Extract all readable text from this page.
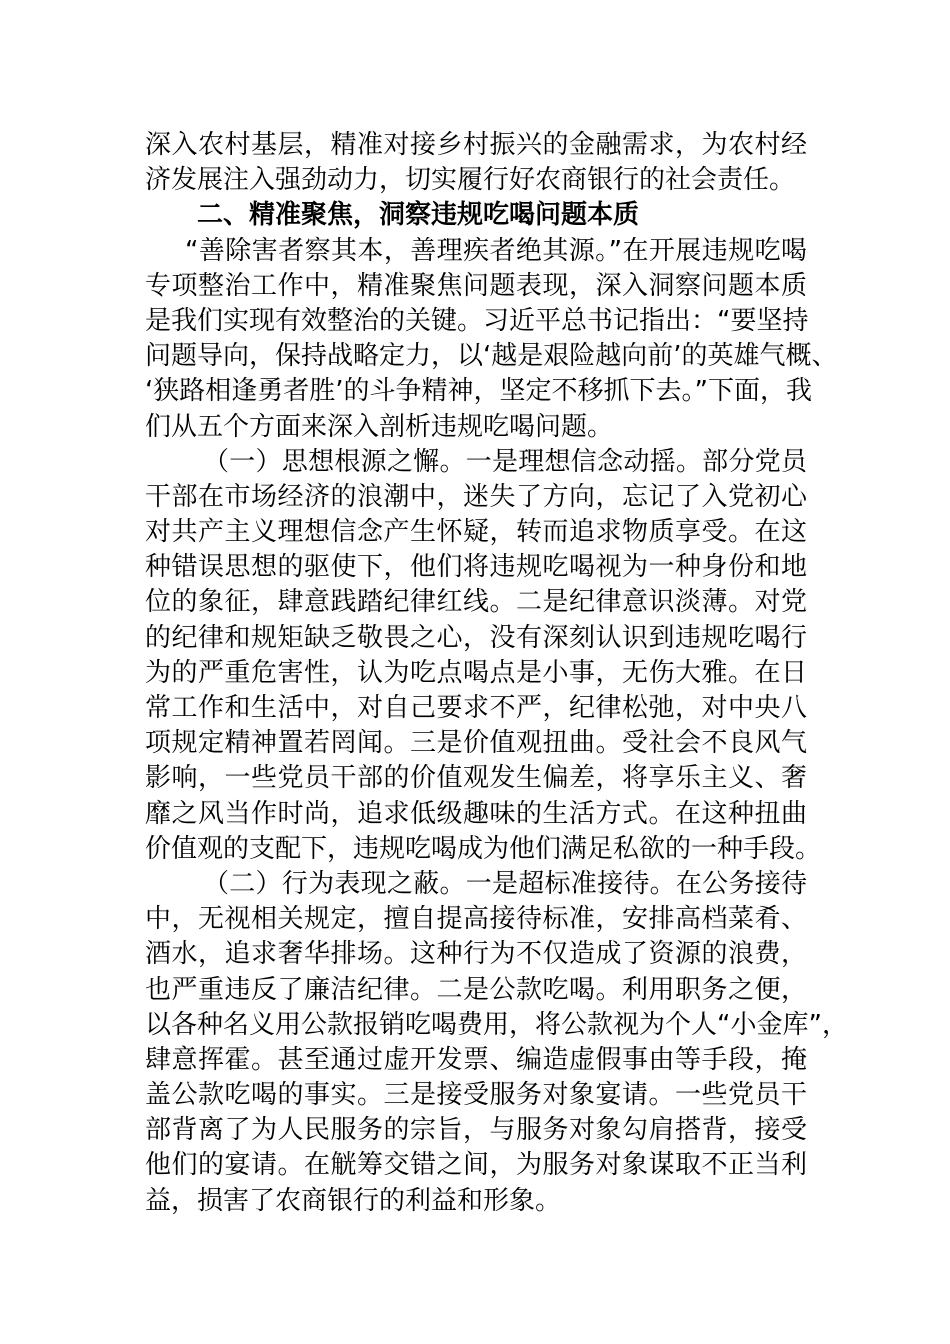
深入农村基层，精准对接乡村振兴的金融需求，为农村经
济发展注入强劲动力，切实履行好农商银行的社会责任。
二、精准聚焦，洞察违规吃喝问题本质
“善除害者察其本，善理疾者绝其源。”在开展违规吃喝
专项整治工作中，精准聚焦问题表现，深入洞察问题本质
是我们实现有效整治的关键。习近平总书记指出：“要坚持
问题导向，保持战略定力，以‘越是艰险越向前’的英雄气概、
‘狭路相逢勇者胜’的斗争精神，坚定不移抓下去。”下面，我
们从五个方面来深入剖析违规吃喝问题。
（一）思想根源之懈。一是理想信念动摇。部分党员
干部在市场经济的浪潮中，迷失了方向，忘记了入党初心
对共产主义理想信念产生怀疑，转而追求物质享受。在这
种错误思想的驱使下，他们将违规吃喝视为一种身份和地
位的象征，肆意践踏纪律红线。二是纪律意识淡薄。对党
的纪律和规矩缺乏敬畏之心，没有深刻认识到违规吃喝行
为的严重危害性，认为吃点喝点是小事，无伤大雅。在日
常工作和生活中，对自己要求不严，纪律松弛，对中央八
项规定精神置若罔闻。三是价值观扭曲。受社会不良风气
影响，一些党员干部的价值观发生偏差，将享乐主义、奢
靡之风当作时尚，追求低级趣味的生活方式。在这种扭曲
价值观的支配下，违规吃喝成为他们满足私欲的一种手段。
（二）行为表现之蔽。一是超标准接待。在公务接待
中，无视相关规定，擅自提高接待标准，安排高档菜肴、
酒水，追求奢华排场。这种行为不仅造成了资源的浪费，
也严重违反了廉洁纪律。二是公款吃喝。利用职务之便，
以各种名义用公款报销吃喝费用，将公款视为个人“小金库”，
肆意挥霍。甚至通过虚开发票、编造虚假事由等手段，掩
盖公款吃喝的事实。三是接受服务对象宴请。一些党员干
部背离了为人民服务的宗旨，与服务对象勾肩搭背，接受
他们的宴请。在觥筹交错之间，为服务对象谋取不正当利
益，损害了农商银行的利益和形象。
